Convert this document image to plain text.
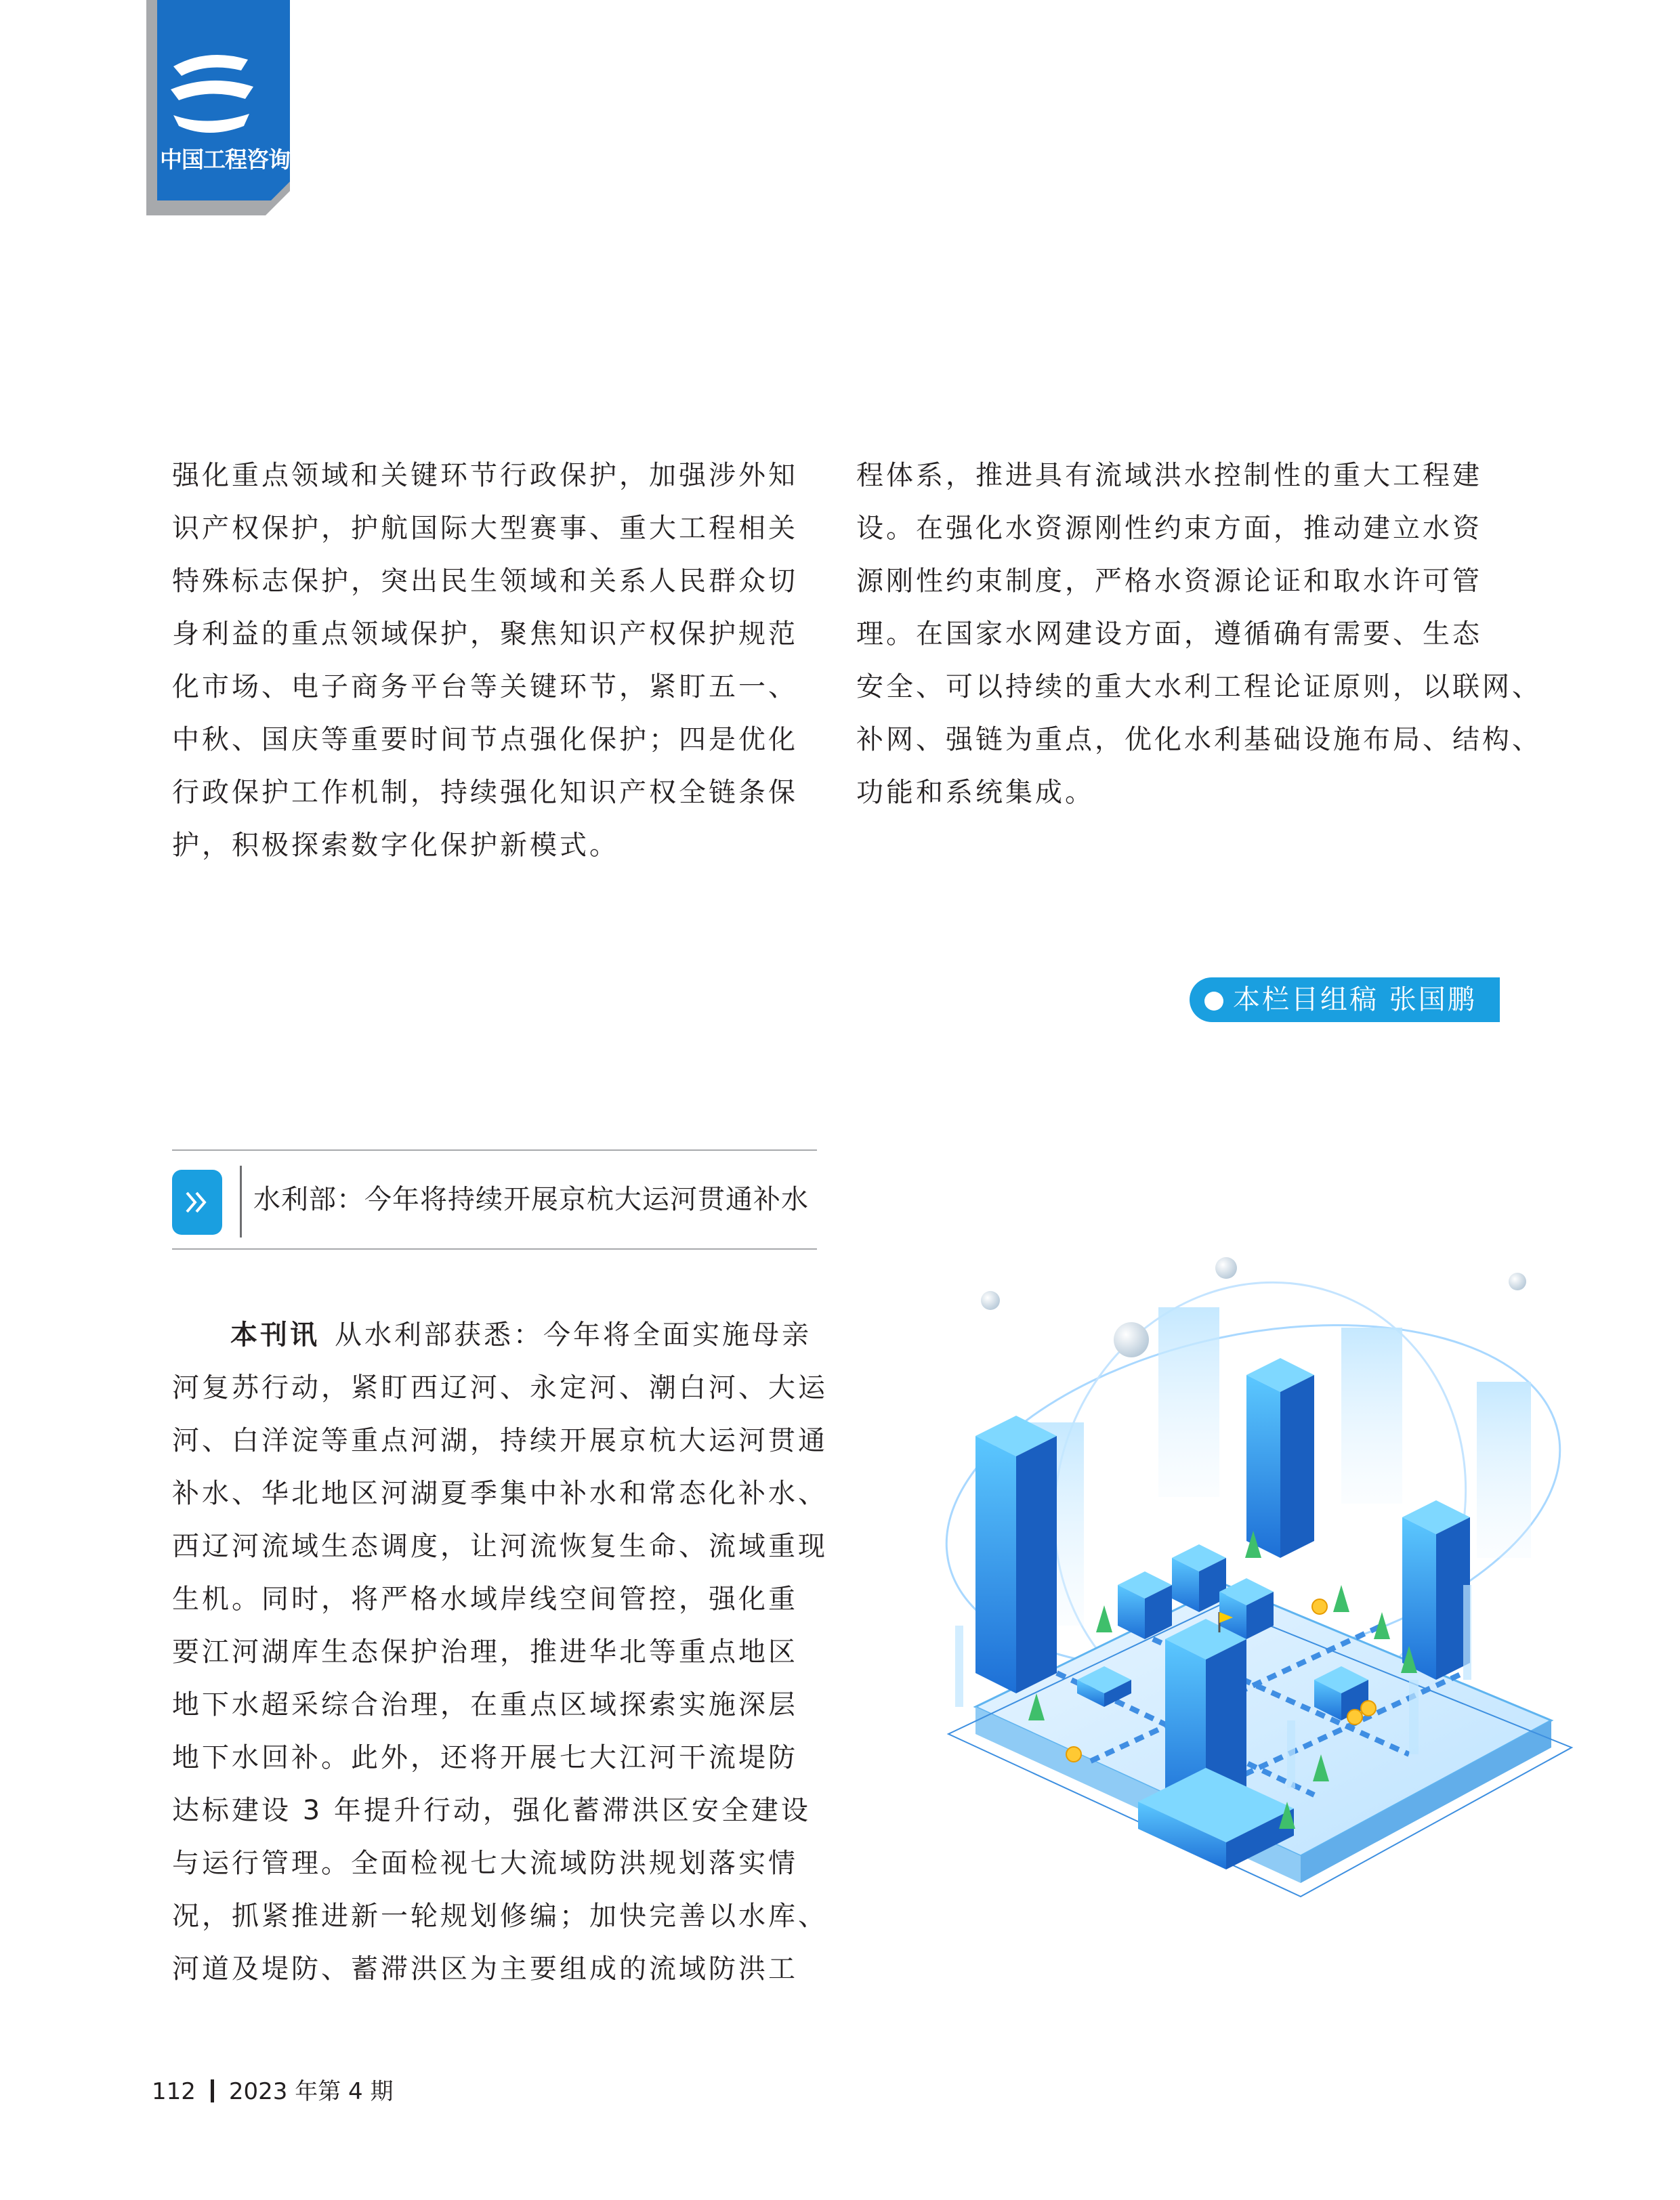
中国工程咨询
强化重点领域和关键环节行政保护，加强涉外知
识产权保护，护航国际大型赛事、重大工程相关
特殊标志保护，突出民生领域和关系人民群众切
身利益的重点领域保护，聚焦知识产权保护规范
化市场、电子商务平台等关键环节，紧盯五一、
中秋、国庆等重要时间节点强化保护；四是优化
行政保护工作机制，持续强化知识产权全链条保
护，积极探索数字化保护新模式。
程体系，推进具有流域洪水控制性的重大工程建
设。在强化水资源刚性约束方面，推动建立水资
源刚性约束制度，严格水资源论证和取水许可管
理。在国家水网建设方面，遵循确有需要、生态
安全、可以持续的重大水利工程论证原则，以联网、
补网、强链为重点，优化水利基础设施布局、结构、
功能和系统集成。
本栏目组稿 张国鹏
水利部：今年将持续开展京杭大运河贯通补水
本刊讯 从水利部获悉：今年将全面实施母亲
河复苏行动，紧盯西辽河、永定河、潮白河、大运
河、白洋淀等重点河湖，持续开展京杭大运河贯通
补水、华北地区河湖夏季集中补水和常态化补水、
西辽河流域生态调度，让河流恢复生命、流域重现
生机。同时，将严格水域岸线空间管控，强化重
要江河湖库生态保护治理，推进华北等重点地区
地下水超采综合治理，在重点区域探索实施深层
地下水回补。此外，还将开展七大江河干流堤防
达标建设 3 年提升行动，强化蓄滞洪区安全建设
与运行管理。全面检视七大流域防洪规划落实情
况，抓紧推进新一轮规划修编；加快完善以水库、
河道及堤防、蓄滞洪区为主要组成的流域防洪工
112 2023 年第 4 期
